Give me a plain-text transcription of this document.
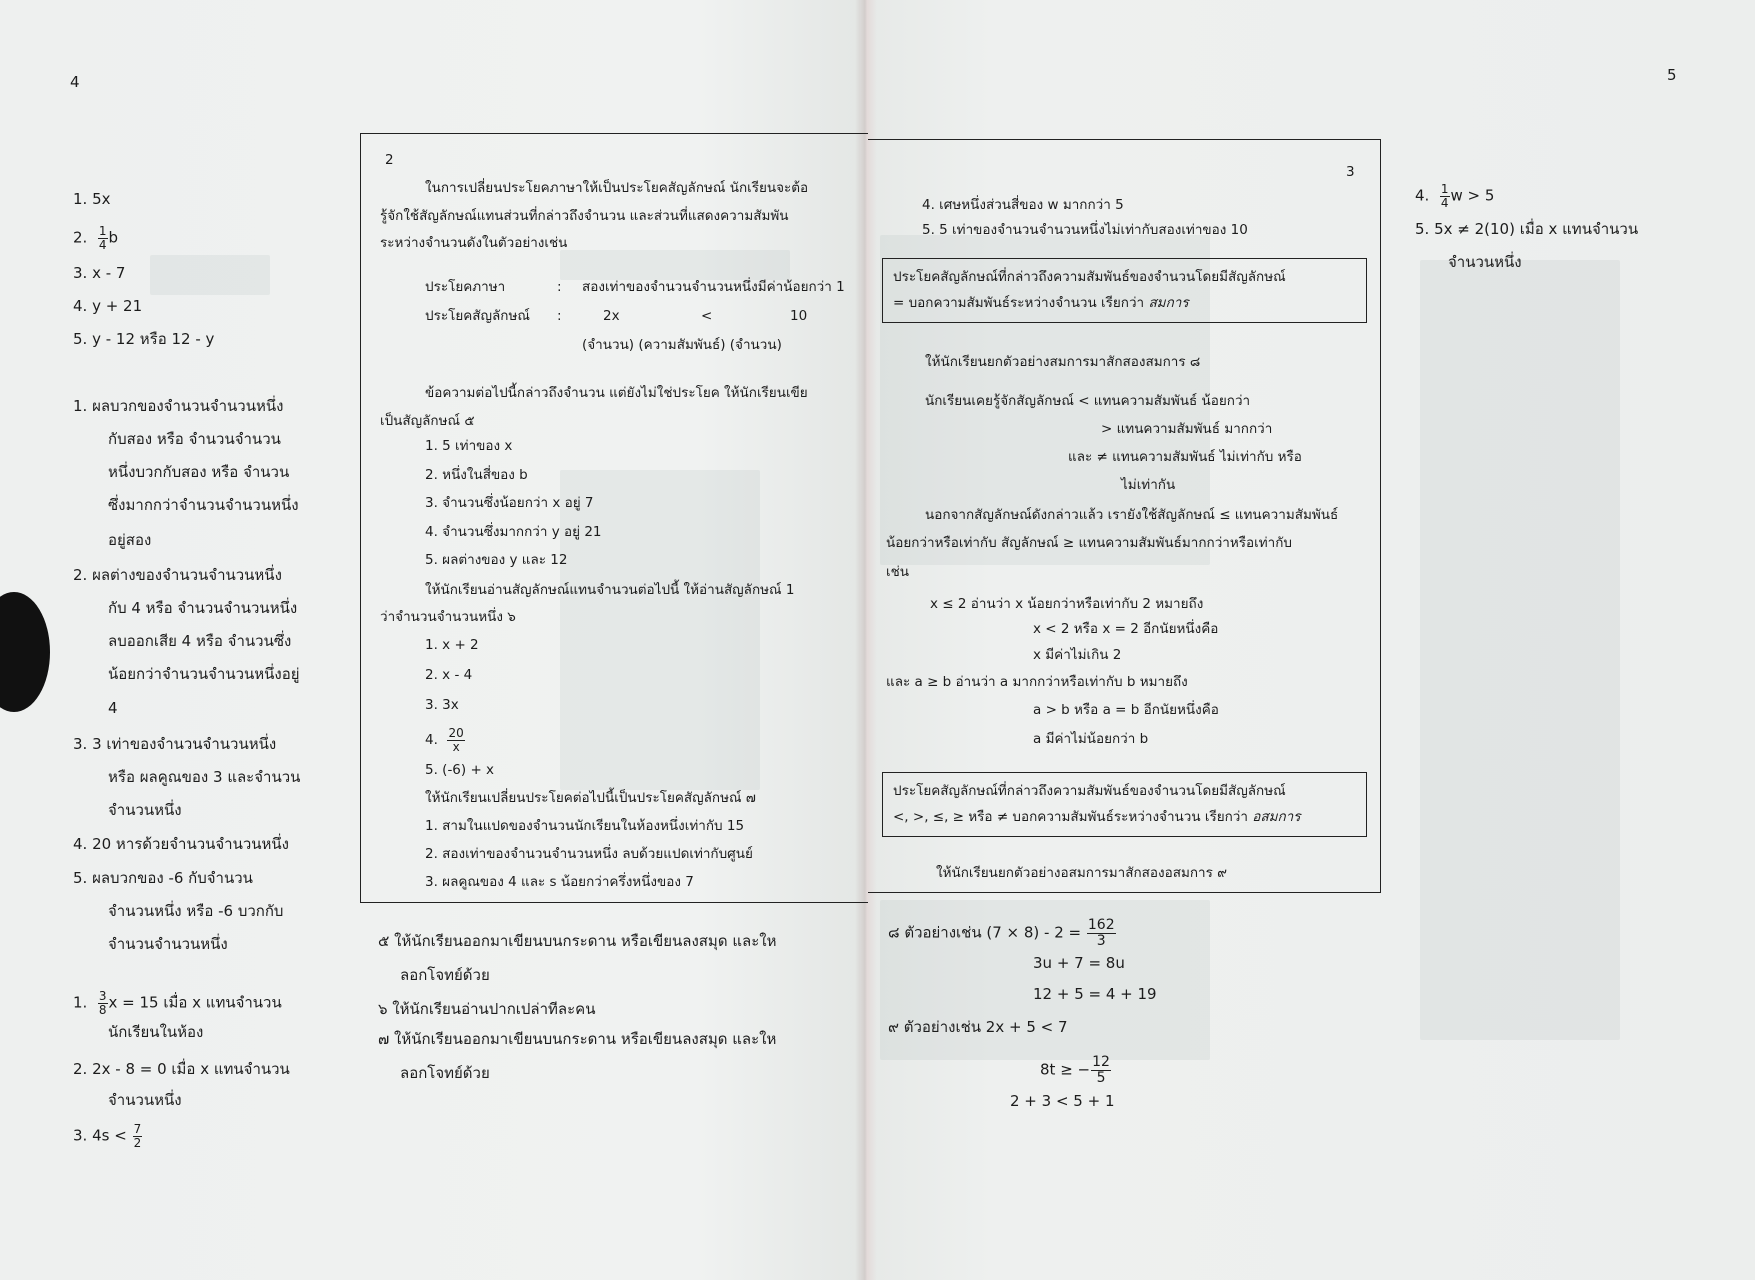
4	5
1. 5x
2. $\frac{1}{4}$ b
3. x - 7
4. y + 21
5. y - 12 หรือ 12 - y
1. ผลบวกของจำนวนจำนวนหนึ่ง
กับสอง หรือ จำนวนจำนวน
หนึ่งบวกกับสอง หรือ จำนวน
ซึ่งมากกว่าจำนวนจำนวนหนึ่ง
อยู่สอง
2. ผลต่างของจำนวนจำนวนหนึ่ง
กับ 4 หรือ จำนวนจำนวนหนึ่ง
ลบออกเสีย 4 หรือ จำนวนซึ่ง
น้อยกว่าจำนวนจำนวนหนึ่งอยู่
4
3. 3 เท่าของจำนวนจำนวนหนึ่ง
หรือ ผลคูณของ 3 และจำนวน
จำนวนหนึ่ง
4. 20 หารด้วยจำนวนจำนวนหนึ่ง
5. ผลบวกของ -6 กับจำนวน
จำนวนหนึ่ง หรือ -6 บวกกับ
จำนวนจำนวนหนึ่ง
1. $\frac{3}{8}$ x = 15 เมื่อ x แทนจำนวน
นักเรียนในห้อง
2. 2x - 8 = 0 เมื่อ x แทนจำนวน
จำนวนหนึ่ง
3. $4s < \frac{7}{2}$
2
ในการเปลี่ยนประโยคภาษาให้เป็นประโยคสัญลักษณ์ นักเรียนจะต้อ
รู้จักใช้สัญลักษณ์แทนส่วนที่กล่าวถึงจำนวน และส่วนที่แสดงความสัมพัน
ระหว่างจำนวนดังในตัวอย่างเช่น
ประโยคภาษา	: สองเท่าของจำนวนจำนวนหนึ่งมีค่าน้อยกว่า 1
ประโยคสัญลักษณ์ :	2x	<	10
(จำนวน) (ความสัมพันธ์) (จำนวน)
ข้อความต่อไปนี้กล่าวถึงจำนวน แต่ยังไม่ใช่ประโยค ให้นักเรียนเขีย
เป็นสัญลักษณ์ ๕
1. 5 เท่าของ x
2. หนึ่งในสี่ของ b
3. จำนวนซึ่งน้อยกว่า x อยู่ 7
4. จำนวนซึ่งมากกว่า y อยู่ 21
5. ผลต่างของ y และ 12
ให้นักเรียนอ่านสัญลักษณ์แทนจำนวนต่อไปนี้ ให้อ่านสัญลักษณ์ 1
ว่าจำนวนจำนวนหนึ่ง ๖
1. x + 2
2. x - 4
3. 3x
4. $\frac{20}{x}$
5. (-6) + x
ให้นักเรียนเปลี่ยนประโยคต่อไปนี้เป็นประโยคสัญลักษณ์ ๗
1. สามในแปดของจำนวนนักเรียนในห้องหนึ่งเท่ากับ 15
2. สองเท่าของจำนวนจำนวนหนึ่ง ลบด้วยแปดเท่ากับศูนย์
3. ผลคูณของ 4 และ s น้อยกว่าครึ่งหนึ่งของ 7
๕ ให้นักเรียนออกมาเขียนบนกระดาน หรือเขียนลงสมุด และให
ลอกโจทย์ด้วย
๖ ให้นักเรียนอ่านปากเปล่าทีละคน
๗ ให้นักเรียนออกมาเขียนบนกระดาน หรือเขียนลงสมุด และให
ลอกโจทย์ด้วย
3
4. เศษหนึ่งส่วนสี่ของ w มากกว่า 5
5. 5 เท่าของจำนวนจำนวนหนึ่งไม่เท่ากับสองเท่าของ 10
ประโยคสัญลักษณ์ที่กล่าวถึงความสัมพันธ์ของจำนวนโดยมีสัญลักษณ์
= บอกความสัมพันธ์ระหว่างจำนวน เรียกว่า สมการ
ให้นักเรียนยกตัวอย่างสมการมาสักสองสมการ ๘
นักเรียนเคยรู้จักสัญลักษณ์ < แทนความสัมพันธ์ น้อยกว่า
> แทนความสัมพันธ์ มากกว่า
และ ≠ แทนความสัมพันธ์ ไม่เท่ากับ หรือ
ไม่เท่ากัน
นอกจากสัญลักษณ์ดังกล่าวแล้ว เรายังใช้สัญลักษณ์ ≤ แทนความสัมพันธ์
น้อยกว่าหรือเท่ากับ สัญลักษณ์ ≥ แทนความสัมพันธ์มากกว่าหรือเท่ากับ
เช่น
x ≤ 2 อ่านว่า x น้อยกว่าหรือเท่ากับ 2 หมายถึง
x < 2 หรือ x = 2 อีกนัยหนึ่งคือ
x มีค่าไม่เกิน 2
และ a ≥ b อ่านว่า a มากกว่าหรือเท่ากับ b หมายถึง
a > b หรือ a = b อีกนัยหนึ่งคือ
a มีค่าไม่น้อยกว่า b
ประโยคสัญลักษณ์ที่กล่าวถึงความสัมพันธ์ของจำนวนโดยมีสัญลักษณ์
<, >, ≤, ≥ หรือ ≠ บอกความสัมพันธ์ระหว่างจำนวน เรียกว่า อสมการ
ให้นักเรียนยกตัวอย่างอสมการมาสักสองอสมการ ๙
๘ ตัวอย่างเช่น $(7 \times 8) - 2 = \frac{162}{3}$
3u + 7 = 8u
12 + 5 = 4 + 19
๙ ตัวอย่างเช่น 2x + 5 < 7
8t ≥ − $\frac{12}{5}$
2 + 3 < 5 + 1
4. $\frac{1}{4}$ w > 5
5. 5x ≠ 2(10) เมื่อ x แทนจำนวน
จำนวนหนึ่ง
